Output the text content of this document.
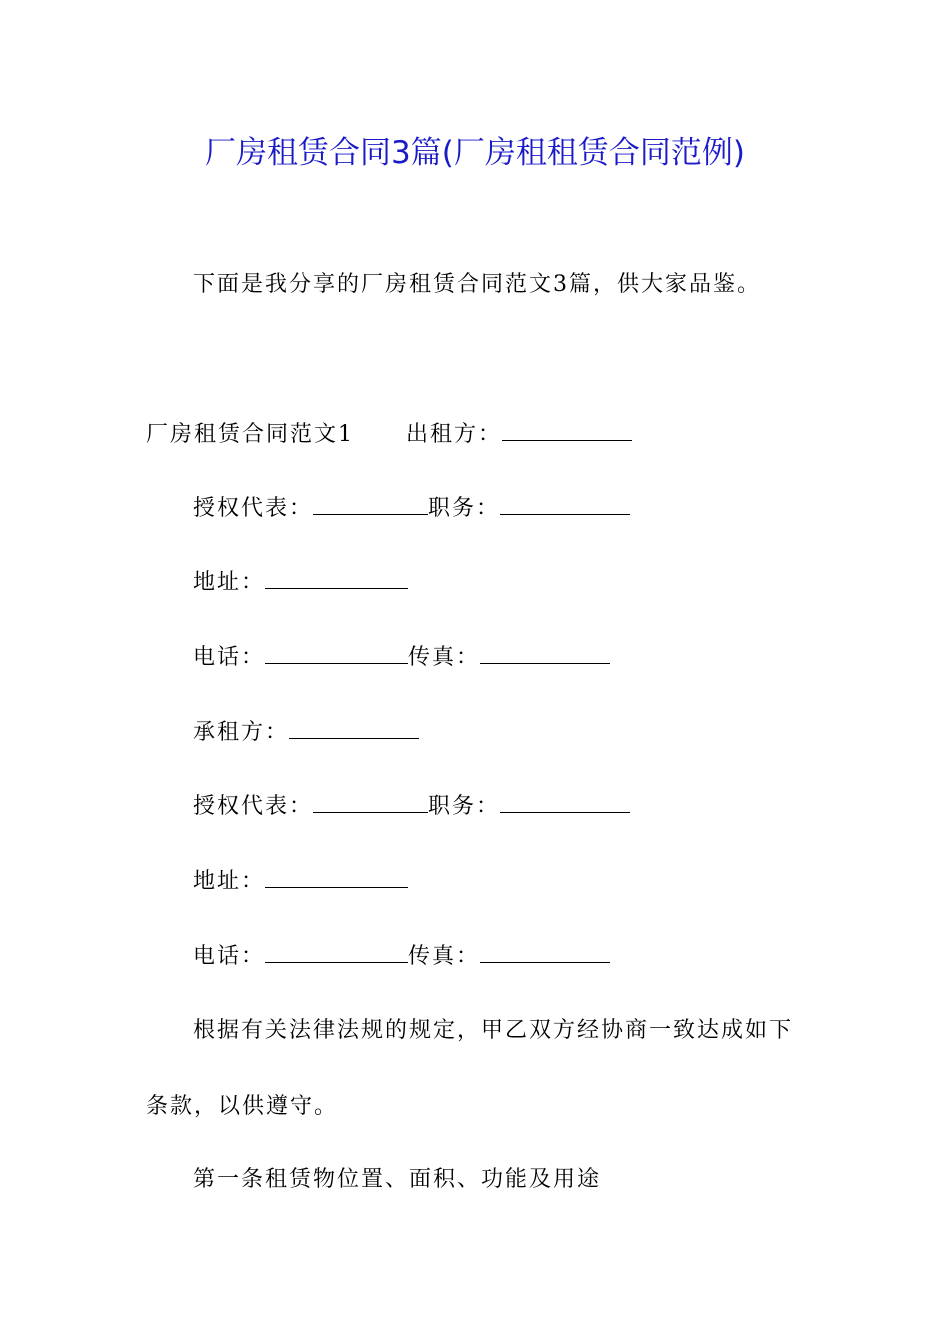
厂房租赁合同3篇(厂房租租赁合同范例)
下面是我分享的厂房租赁合同范文3篇，供大家品鉴。
厂房租赁合同范文1 出租方：
授权代表：	职务：
地址：
电话：	传真：
承租方：
授权代表：	职务：
地址：
电话：	传真：
根据有关法律法规的规定，甲乙双方经协商一致达成如下
条款，以供遵守。
第一条租赁物位置、面积、功能及用途
